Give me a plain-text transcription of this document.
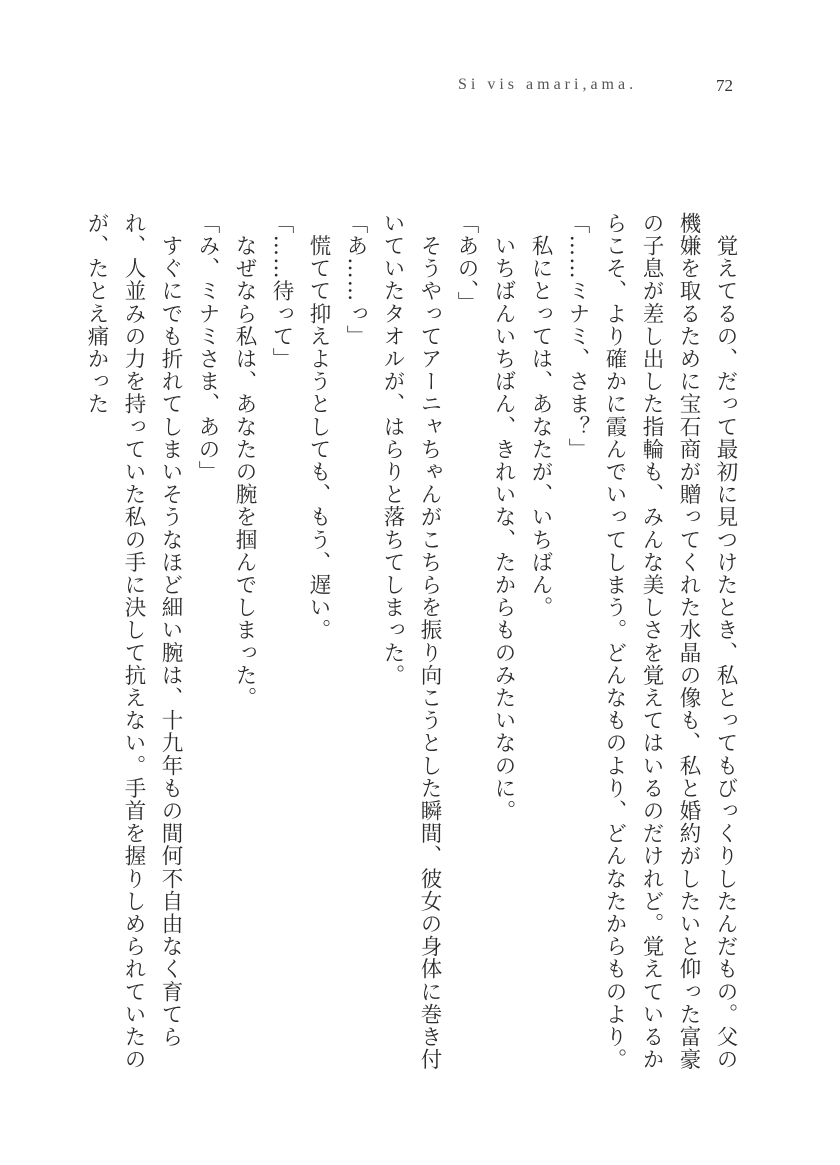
Si vis amari,ama.	72

　覚えてるの、だって最初に見つけたとき、私とってもびっくりしたんだもの。父の機嫌を取るために宝石商が贈ってくれた水晶の像も、私と婚約がしたいと仰った富豪の子息が差し出した指輪も、みんな美しさを覚えてはいるのだけれど。覚えているからこそ、より確かに霞んでいってしまう。どんなものより、どんなたからものより。

「……ミナミ、さま？」

　私にとっては、あなたが、いちばん。

　いちばんいちばん、きれいな、たからものみたいなのに。

「あの、」

　そうやってアーニャちゃんがこちらを振り向こうとした瞬間、彼女の身体に巻き付いていたタオルが、はらりと落ちてしまった。

「あ……っ」

　慌てて抑えようとしても、もう、遅い。

「……待って」

　なぜなら私は、あなたの腕を掴んでしまった。

「み、ミナミさま、あの」

　すぐにでも折れてしまいそうなほど細い腕は、十九年もの間何不自由なく育てられ、人並みの力を持っていた私の手に決して抗えない。手首を握りしめられていたのが、たとえ痛かった
